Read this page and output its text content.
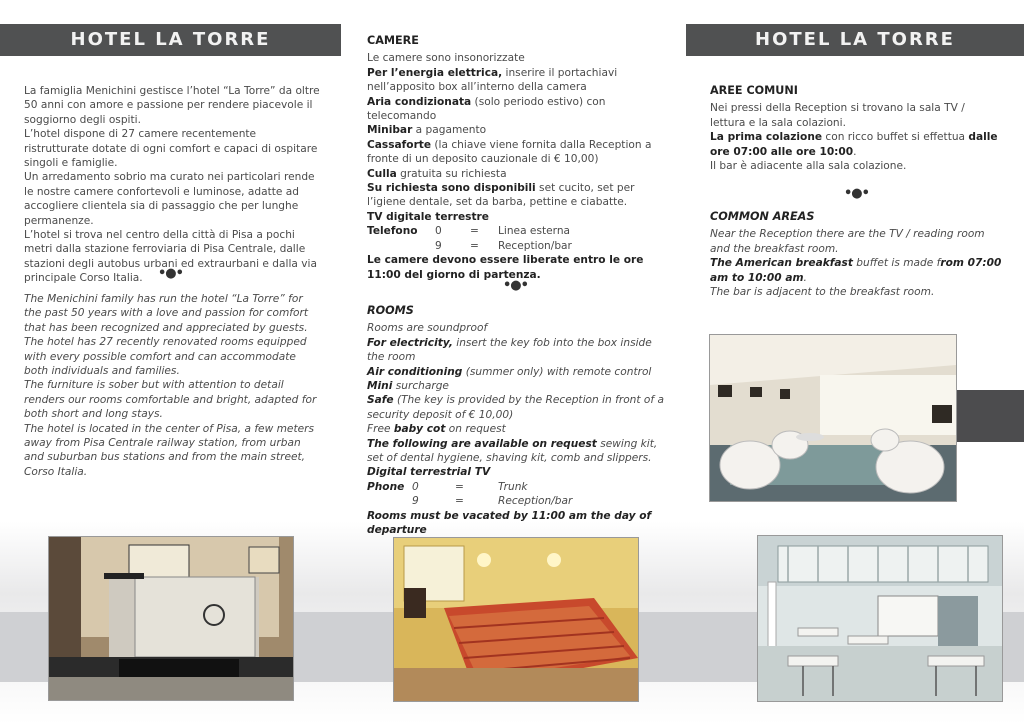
HOTEL LA TORRE

La famiglia Menichini gestisce l’hotel “La Torre” da oltre 50 anni con amore e passione per rendere piacevole il soggiorno degli ospiti.

L’hotel dispone di 27 camere recentemente ristrutturate dotate di ogni comfort e capaci di ospitare singoli e famiglie.

Un arredamento sobrio ma curato nei particolari rende le nostre camere confortevoli e luminose, adatte ad accogliere clientela sia di passaggio che per lunghe permanenze.

L’hotel si trova nel centro della città di Pisa a pochi metri dalla stazione ferroviaria di Pisa Centrale, dalle stazioni degli autobus urbani ed extraurbani e dalla via principale Corso Italia.	•●•

The Menichini family has run the hotel “La Torre” for the past 50 years with a love and passion for comfort that has been recognized and appreciated by guests.

The hotel has 27 recently renovated rooms equipped with every possible comfort and can accommodate both individuals and families.

The furniture is sober but with attention to detail renders our rooms comfortable and bright, adapted for both short and long stays.

The hotel is located in the center of Pisa, a few meters away from Pisa Centrale railway station, from urban and suburban bus stations and from the main street, Corso Italia.

CAMERE

Le camere sono insonorizzate

Per l’energia elettrica, inserire il portachiavi nell’apposito box all’interno della camera

Aria condizionata (solo periodo estivo) con telecomando

Minibar a pagamento

Cassaforte (la chiave viene fornita dalla Reception a fronte di un deposito cauzionale di € 10,00)

Culla gratuita su richiesta

Su richiesta sono disponibili set cucito, set per l’igiene dentale, set da barba, pettine e ciabatte.

TV digitale terrestre

Telefono	0	=	Linea esterna
9	=	Reception/bar

Le camere devono essere liberate entro le ore 11:00 del giorno di partenza.

•●•

ROOMS

Rooms are soundproof

For electricity, insert the key fob into the box inside the room

Air conditioning (summer only) with remote control

Mini surcharge

Safe (The key is provided by the Reception in front of a security deposit of € 10,00)

Free baby cot on request

The following are available on request sewing kit, set of dental hygiene, shaving kit, comb and slippers.

Digital terrestrial TV

Phone 0	=	Trunk
9	=	Reception/bar

Rooms must be vacated by 11:00 am the day of departure

HOTEL LA TORRE

AREE COMUNI

Nei pressi della Reception si trovano la sala TV / lettura e la sala colazioni.

La prima colazione con ricco buffet si effettua dalle ore 07:00 alle ore 10:00.

Il bar è adiacente alla sala colazione.

•●•

COMMON AREAS

Near the Reception there are the TV / reading room and the breakfast room.

The American breakfast buffet is made from 07:00 am to 10:00 am.

The bar is adjacent to the breakfast room.
